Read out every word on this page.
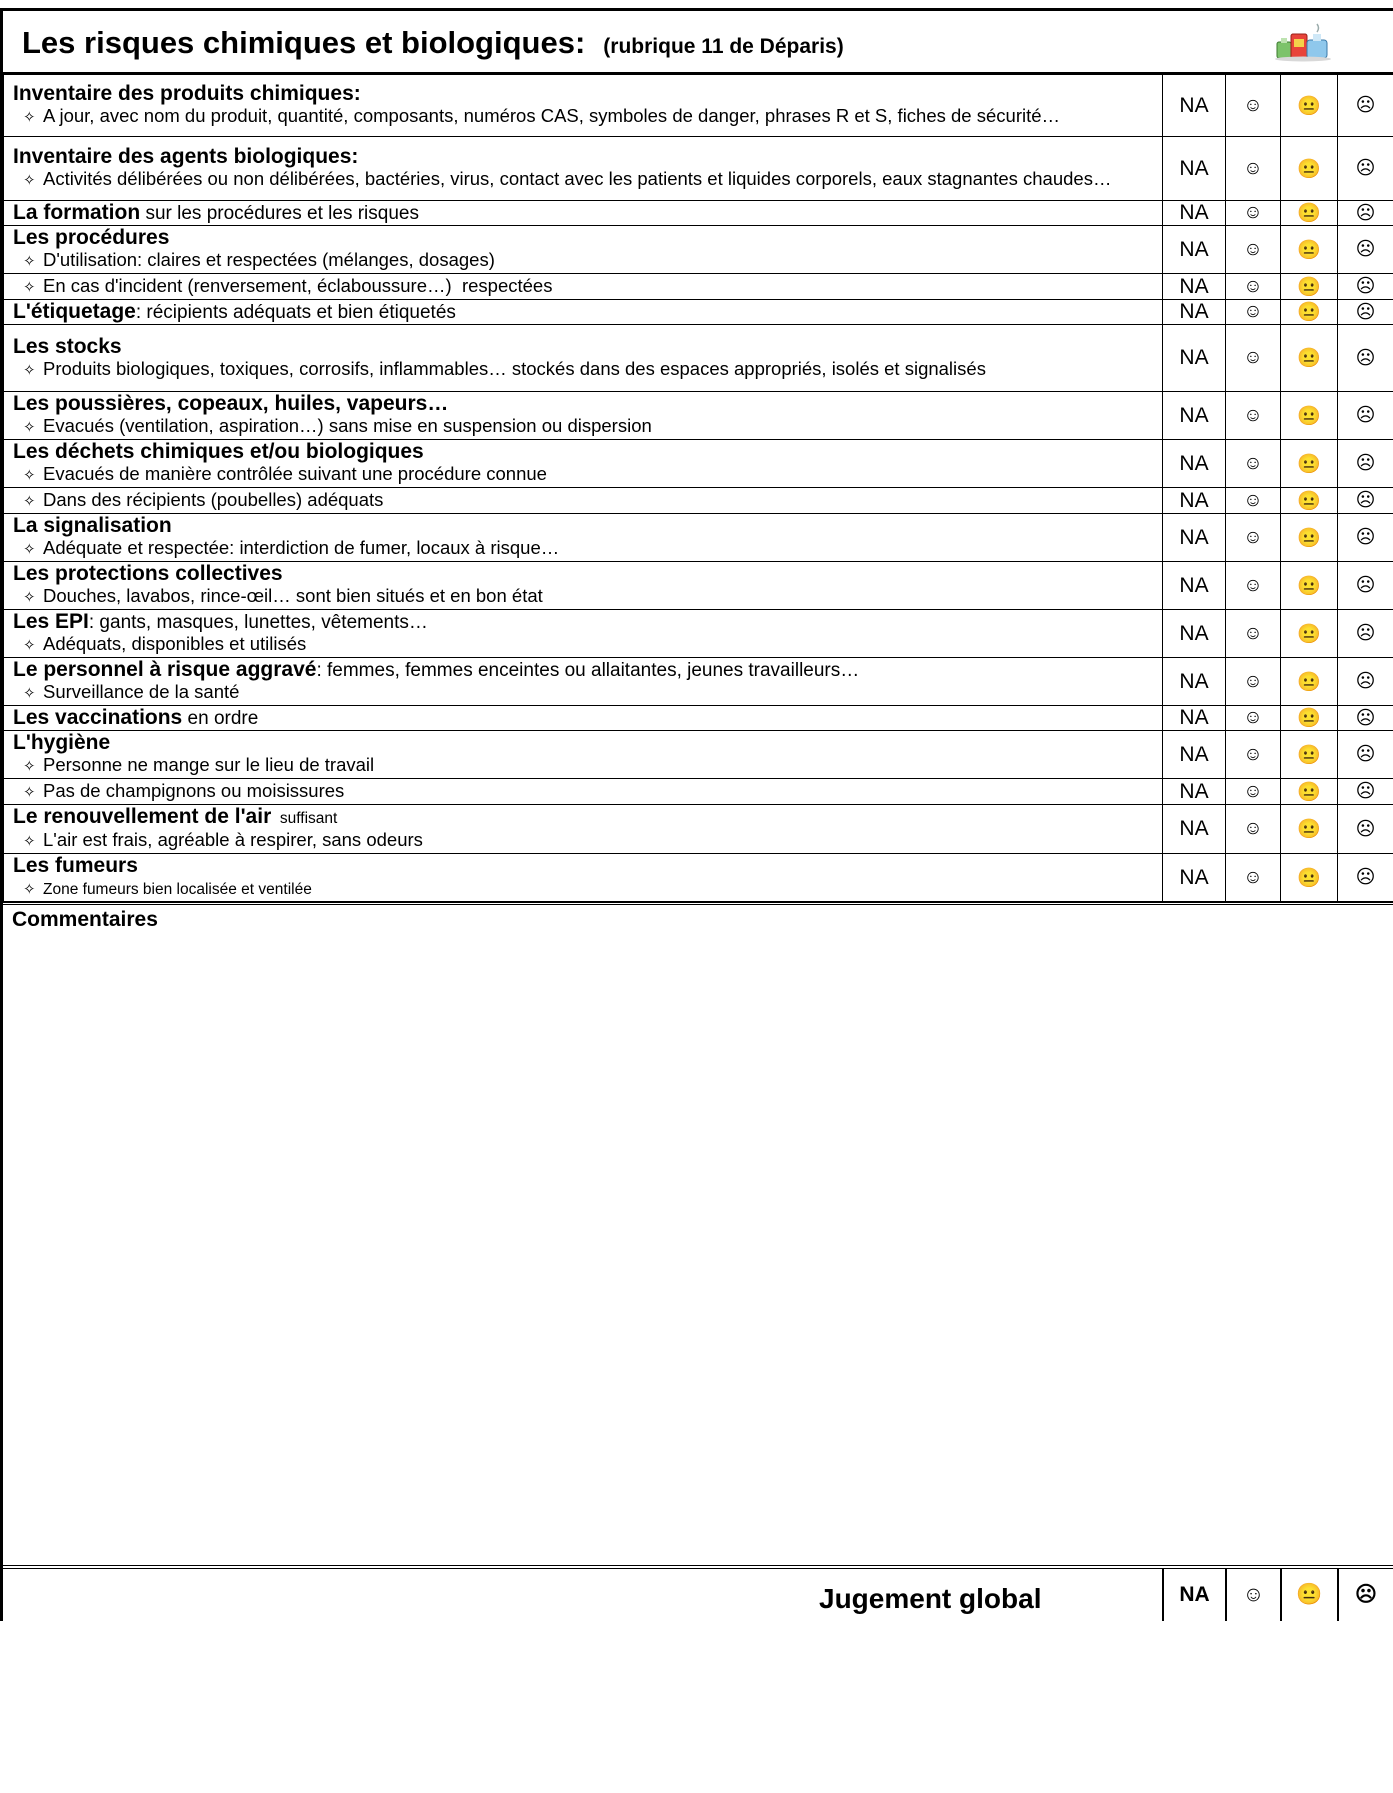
Les risques chimiques et biologiques: (rubrique 11 de Déparis)
Inventaire des produits chimiques:
✧ A jour, avec nom du produit, quantité, composants, numéros CAS, symboles de danger, phrases R et S, fiches de sécurité…	NA	☺	😐	☹

Inventaire des agents biologiques:
✧ Activités délibérées ou non délibérées, bactéries, virus, contact avec les patients et liquides corporels, eaux stagnantes chaudes…	NA	☺	😐	☹

La formation sur les procédures et les risques	NA	☺	😐	☹

Les procédures
✧ D'utilisation: claires et respectées (mélanges, dosages)	NA	☺	😐	☹

✧ En cas d'incident (renversement, éclaboussure…)  respectées	NA	☺	😐	☹

L'étiquetage: récipients adéquats et bien étiquetés	NA	☺	😐	☹

Les stocks
✧ Produits biologiques, toxiques, corrosifs, inflammables… stockés dans des espaces appropriés, isolés et signalisés	NA	☺	😐	☹

Les poussières, copeaux, huiles, vapeurs…
✧ Evacués (ventilation, aspiration…) sans mise en suspension ou dispersion	NA	☺	😐	☹

Les déchets chimiques et/ou biologiques
✧ Evacués de manière contrôlée suivant une procédure connue	NA	☺	😐	☹

✧ Dans des récipients (poubelles) adéquats	NA	☺	😐	☹

La signalisation
✧ Adéquate et respectée: interdiction de fumer, locaux à risque…	NA	☺	😐	☹

Les protections collectives
✧ Douches, lavabos, rince-œil… sont bien situés et en bon état	NA	☺	😐	☹

Les EPI: gants, masques, lunettes, vêtements…
✧ Adéquats, disponibles et utilisés	NA	☺	😐	☹

Le personnel à risque aggravé: femmes, femmes enceintes ou allaitantes, jeunes travailleurs…
✧ Surveillance de la santé	NA	☺	😐	☹

Les vaccinations en ordre	NA	☺	😐	☹

L'hygiène
✧ Personne ne mange sur le lieu de travail	NA	☺	😐	☹

✧ Pas de champignons ou moisissures	NA	☺	😐	☹

Le renouvellement de l'air  suffisant
✧ L'air est frais, agréable à respirer, sans odeurs	NA	☺	😐	☹

Les fumeurs
✧ Zone fumeurs bien localisée et ventilée	NA	☺	😐	☹
Commentaires
Jugement global	NA	☺	😐	☹
